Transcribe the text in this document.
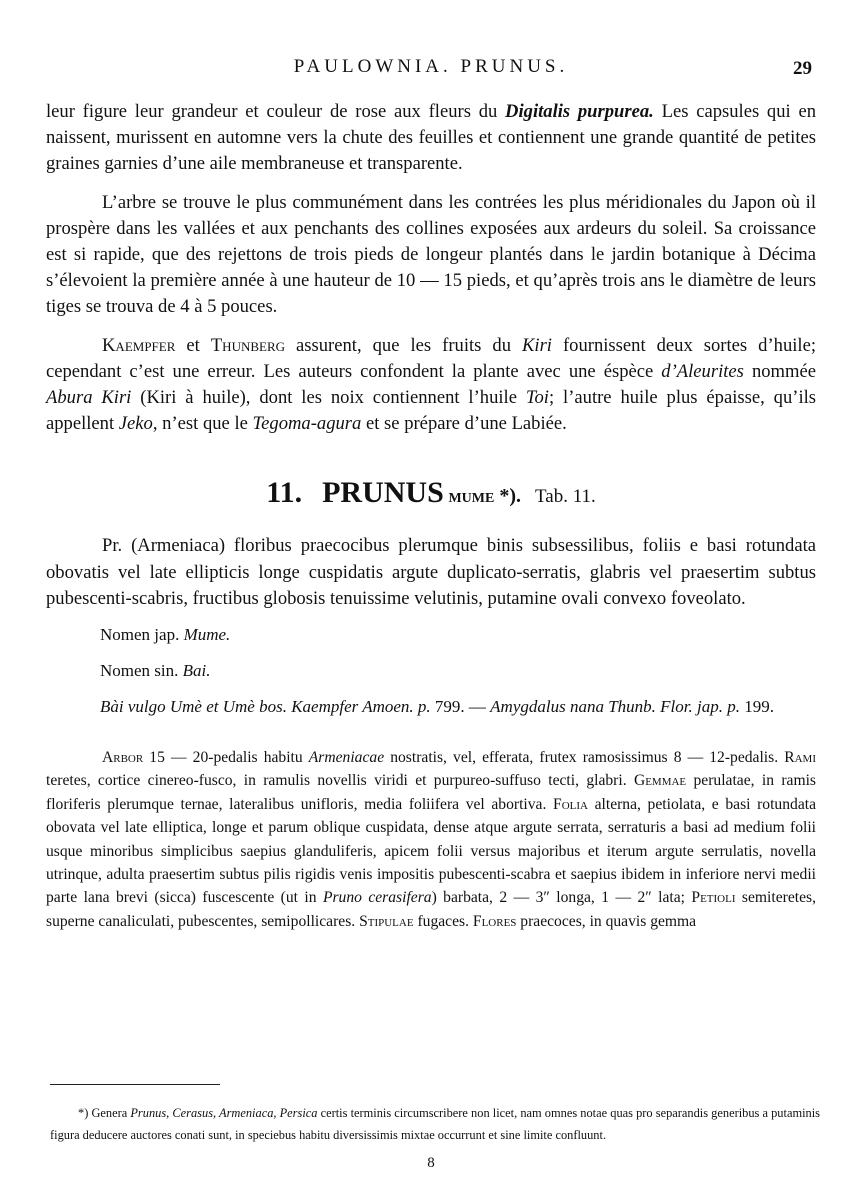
PAULOWNIA. PRUNUS.	29

leur figure leur grandeur et couleur de rose aux fleurs du Digitalis purpurea. Les capsules qui en naissent, murissent en automne vers la chute des feuilles et contiennent une grande quantité de petites graines garnies d’une aile membraneuse et transparente.

L’arbre se trouve le plus communément dans les contrées les plus méridionales du Japon où il prospère dans les vallées et aux penchants des collines exposées aux ardeurs du soleil. Sa croissance est si rapide, que des rejettons de trois pieds de longeur plantés dans le jardin botanique à Décima s’élevoient la première année à une hauteur de 10 — 15 pieds, et qu’après trois ans le diamètre de leurs tiges se trouva de 4 à 5 pouces.

Kaempfer et Thunberg assurent, que les fruits du Kiri fournissent deux sortes d’huile; cependant c’est une erreur. Les auteurs confondent la plante avec une éspèce d’Aleurites nommée Abura Kiri (Kiri à huile), dont les noix contiennent l’huile Toi; l’autre huile plus épaisse, qu’ils appellent Jeko, n’est que le Tegoma-agura et se prépare d’une Labiée.

11. PRUNUS mume *). Tab. 11.

Pr. (Armeniaca) floribus praecocibus plerumque binis subsessilibus, foliis e basi rotundata obovatis vel late ellipticis longe cuspidatis argute duplicato-serratis, glabris vel praesertim subtus pubescenti-scabris, fructibus globosis tenuissime velutinis, putamine ovali convexo foveolato.

Nomen jap. Mume.
Nomen sin. Bai.

Bài vulgo Umè et Umè bos. Kaempfer Amoen. p. 799. — Amygdalus nana Thunb. Flor. jap. p. 199.

Arbor 15 — 20-pedalis habitu Armeniacae nostratis, vel, efferata, frutex ramosissimus 8 — 12-pedalis. Rami teretes, cortice cinereo-fusco, in ramulis novellis viridi et purpureo-suffuso tecti, glabri. Gemmae perulatae, in ramis floriferis plerumque ternae, lateralibus unifloris, media foliifera vel abortiva. Folia alterna, petiolata, e basi rotundata obovata vel late elliptica, longe et parum oblique cuspidata, dense atque argute serrata, serraturis a basi ad medium folii usque minoribus simplicibus saepius glanduliferis, apicem folii versus majoribus et iterum argute serrulatis, novella utrinque, adulta praesertim subtus pilis rigidis venis impositis pubescenti-scabra et saepius ibidem in inferiore nervi medii parte lana brevi (sicca) fuscescente (ut in Pruno cerasifera) barbata, 2 — 3″ longa, 1 — 2″ lata; Petioli semiteretes, superne canaliculati, pubescentes, semipollicares. Stipulae fugaces. Flores praecoces, in quavis gemma

*) Genera Prunus, Cerasus, Armeniaca, Persica certis terminis circumscribere non licet, nam omnes notae quas pro separandis generibus a putaminis figura deducere auctores conati sunt, in speciebus habitu diversissimis mixtae occurrunt et sine limite confluunt.

8
